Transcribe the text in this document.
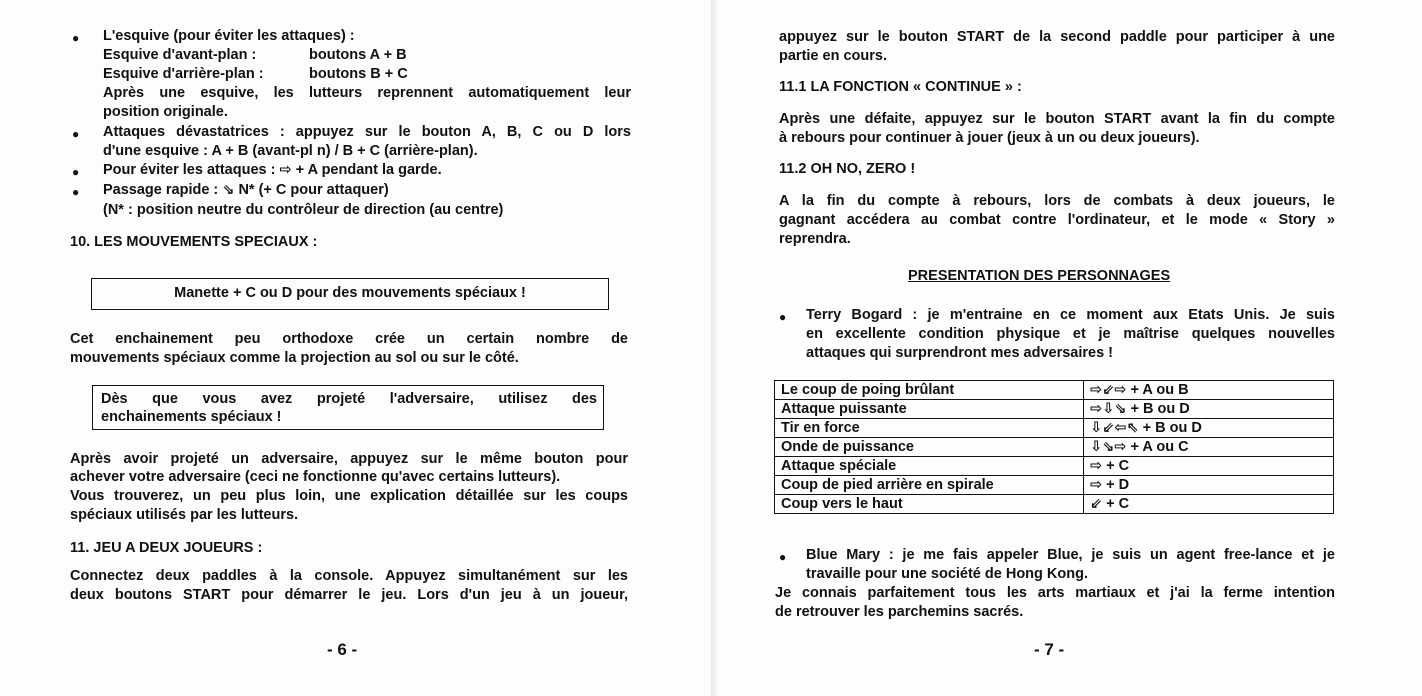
● L'esquive (pour éviter les attaques) :
Esquive d'avant-plan :	boutons A + B
Esquive d'arrière-plan :	boutons B + C
Après une esquive, les lutteurs reprennent automatiquement leur
position originale.
● Attaques dévastatrices : appuyez sur le bouton A, B, C ou D lors
d'une esquive : A + B (avant-pl n) / B + C (arrière-plan).
● Pour éviter les attaques : ⇨ + A pendant la garde.
● Passage rapide : ⇘ N* (+ C pour attaquer)
(N* : position neutre du contrôleur de direction (au centre)
10. LES MOUVEMENTS SPECIAUX :
Manette + C ou D pour des mouvements spéciaux !
Cet enchainement peu orthodoxe crée un certain nombre de
mouvements spéciaux comme la projection au sol ou sur le côté.
Dès que vous avez projeté l'adversaire, utilisez des
enchainements spéciaux !
Après avoir projeté un adversaire, appuyez sur le même bouton pour
achever votre adversaire (ceci ne fonctionne qu'avec certains lutteurs).
Vous trouverez, un peu plus loin, une explication détaillée sur les coups
spéciaux utilisés par les lutteurs.
11. JEU A DEUX JOUEURS :
Connectez deux paddles à la console. Appuyez simultanément sur les
deux boutons START pour démarrer le jeu. Lors d'un jeu à un joueur,
- 6 -
appuyez sur le bouton START de la second paddle pour participer à une
partie en cours.
11.1 LA FONCTION « CONTINUE » :
Après une défaite, appuyez sur le bouton START avant la fin du compte
à rebours pour continuer à jouer (jeux à un ou deux joueurs).
11.2 OH NO, ZERO !
A la fin du compte à rebours, lors de combats à deux joueurs, le
gagnant accédera au combat contre l'ordinateur, et le mode « Story »
reprendra.
PRESENTATION DES PERSONNAGES
● Terry Bogard : je m'entraine en ce moment aux Etats Unis. Je suis
en excellente condition physique et je maîtrise quelques nouvelles
attaques qui surprendront mes adversaires !
● Blue Mary : je me fais appeler Blue, je suis un agent free-lance et je
travaille pour une société de Hong Kong.
Je connais parfaitement tous les arts martiaux et j'ai la ferme intention
de retrouver les parchemins sacrés.
- 7 -
Le coup de poing brûlant	⇨⇙⇨ + A ou B
Attaque puissante	⇨⇩⇘ + B ou D
Tir en force	⇩⇙⇦⇖ + B ou D
Onde de puissance	⇩⇘⇨ + A ou C
Attaque spéciale	⇨ + C
Coup de pied arrière en spirale	⇨ + D
Coup vers le haut	⇙ + C
